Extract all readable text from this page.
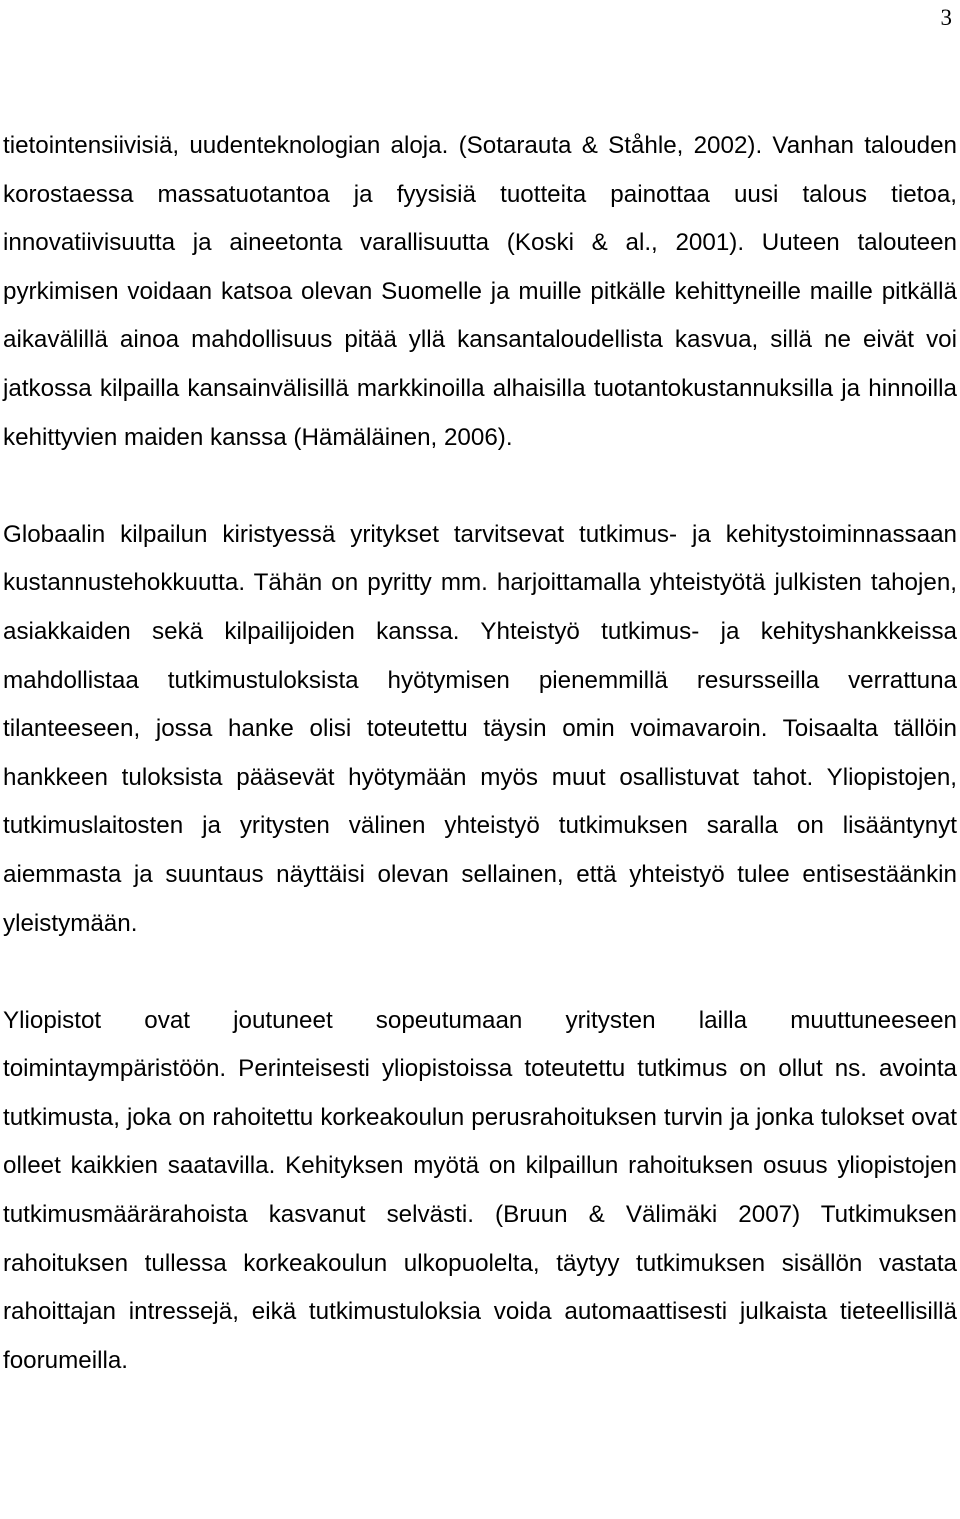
3

tietointensiivisiä, uudenteknologian aloja. (Sotarauta & Ståhle, 2002). Vanhan talouden korostaessa massatuotantoa ja fyysisiä tuotteita painottaa uusi talous tietoa, innovatiivisuutta ja aineetonta varallisuutta (Koski & al., 2001). Uuteen talouteen pyrkimisen voidaan katsoa olevan Suomelle ja muille pitkälle kehittyneille maille pitkällä aikavälillä ainoa mahdollisuus pitää yllä kansantaloudellista kasvua, sillä ne eivät voi jatkossa kilpailla kansainvälisillä markkinoilla alhaisilla tuotantokustannuksilla ja hinnoilla kehittyvien maiden kanssa (Hämäläinen, 2006).

Globaalin kilpailun kiristyessä yritykset tarvitsevat tutkimus- ja kehitystoiminnassaan kustannustehokkuutta. Tähän on pyritty mm. harjoittamalla yhteistyötä julkisten tahojen, asiakkaiden sekä kilpailijoiden kanssa. Yhteistyö tutkimus- ja kehityshankkeissa mahdollistaa tutkimustuloksista hyötymisen pienemmillä resursseilla verrattuna tilanteeseen, jossa hanke olisi toteutettu täysin omin voimavaroin. Toisaalta tällöin hankkeen tuloksista pääsevät hyötymään myös muut osallistuvat tahot. Yliopistojen, tutkimuslaitosten ja yritysten välinen yhteistyö tutkimuksen saralla on lisääntynyt aiemmasta ja suuntaus näyttäisi olevan sellainen, että yhteistyö tulee entisestäänkin yleistymään.

Yliopistot ovat joutuneet sopeutumaan yritysten lailla muuttuneeseen toimintaympäristöön. Perinteisesti yliopistoissa toteutettu tutkimus on ollut ns. avointa tutkimusta, joka on rahoitettu korkeakoulun perusrahoituksen turvin ja jonka tulokset ovat olleet kaikkien saatavilla. Kehityksen myötä on kilpaillun rahoituksen osuus yliopistojen tutkimusmäärärahoista kasvanut selvästi. (Bruun & Välimäki 2007) Tutkimuksen rahoituksen tullessa korkeakoulun ulkopuolelta, täytyy tutkimuksen sisällön vastata rahoittajan intressejä, eikä tutkimustuloksia voida automaattisesti julkaista tieteellisillä foorumeilla.
